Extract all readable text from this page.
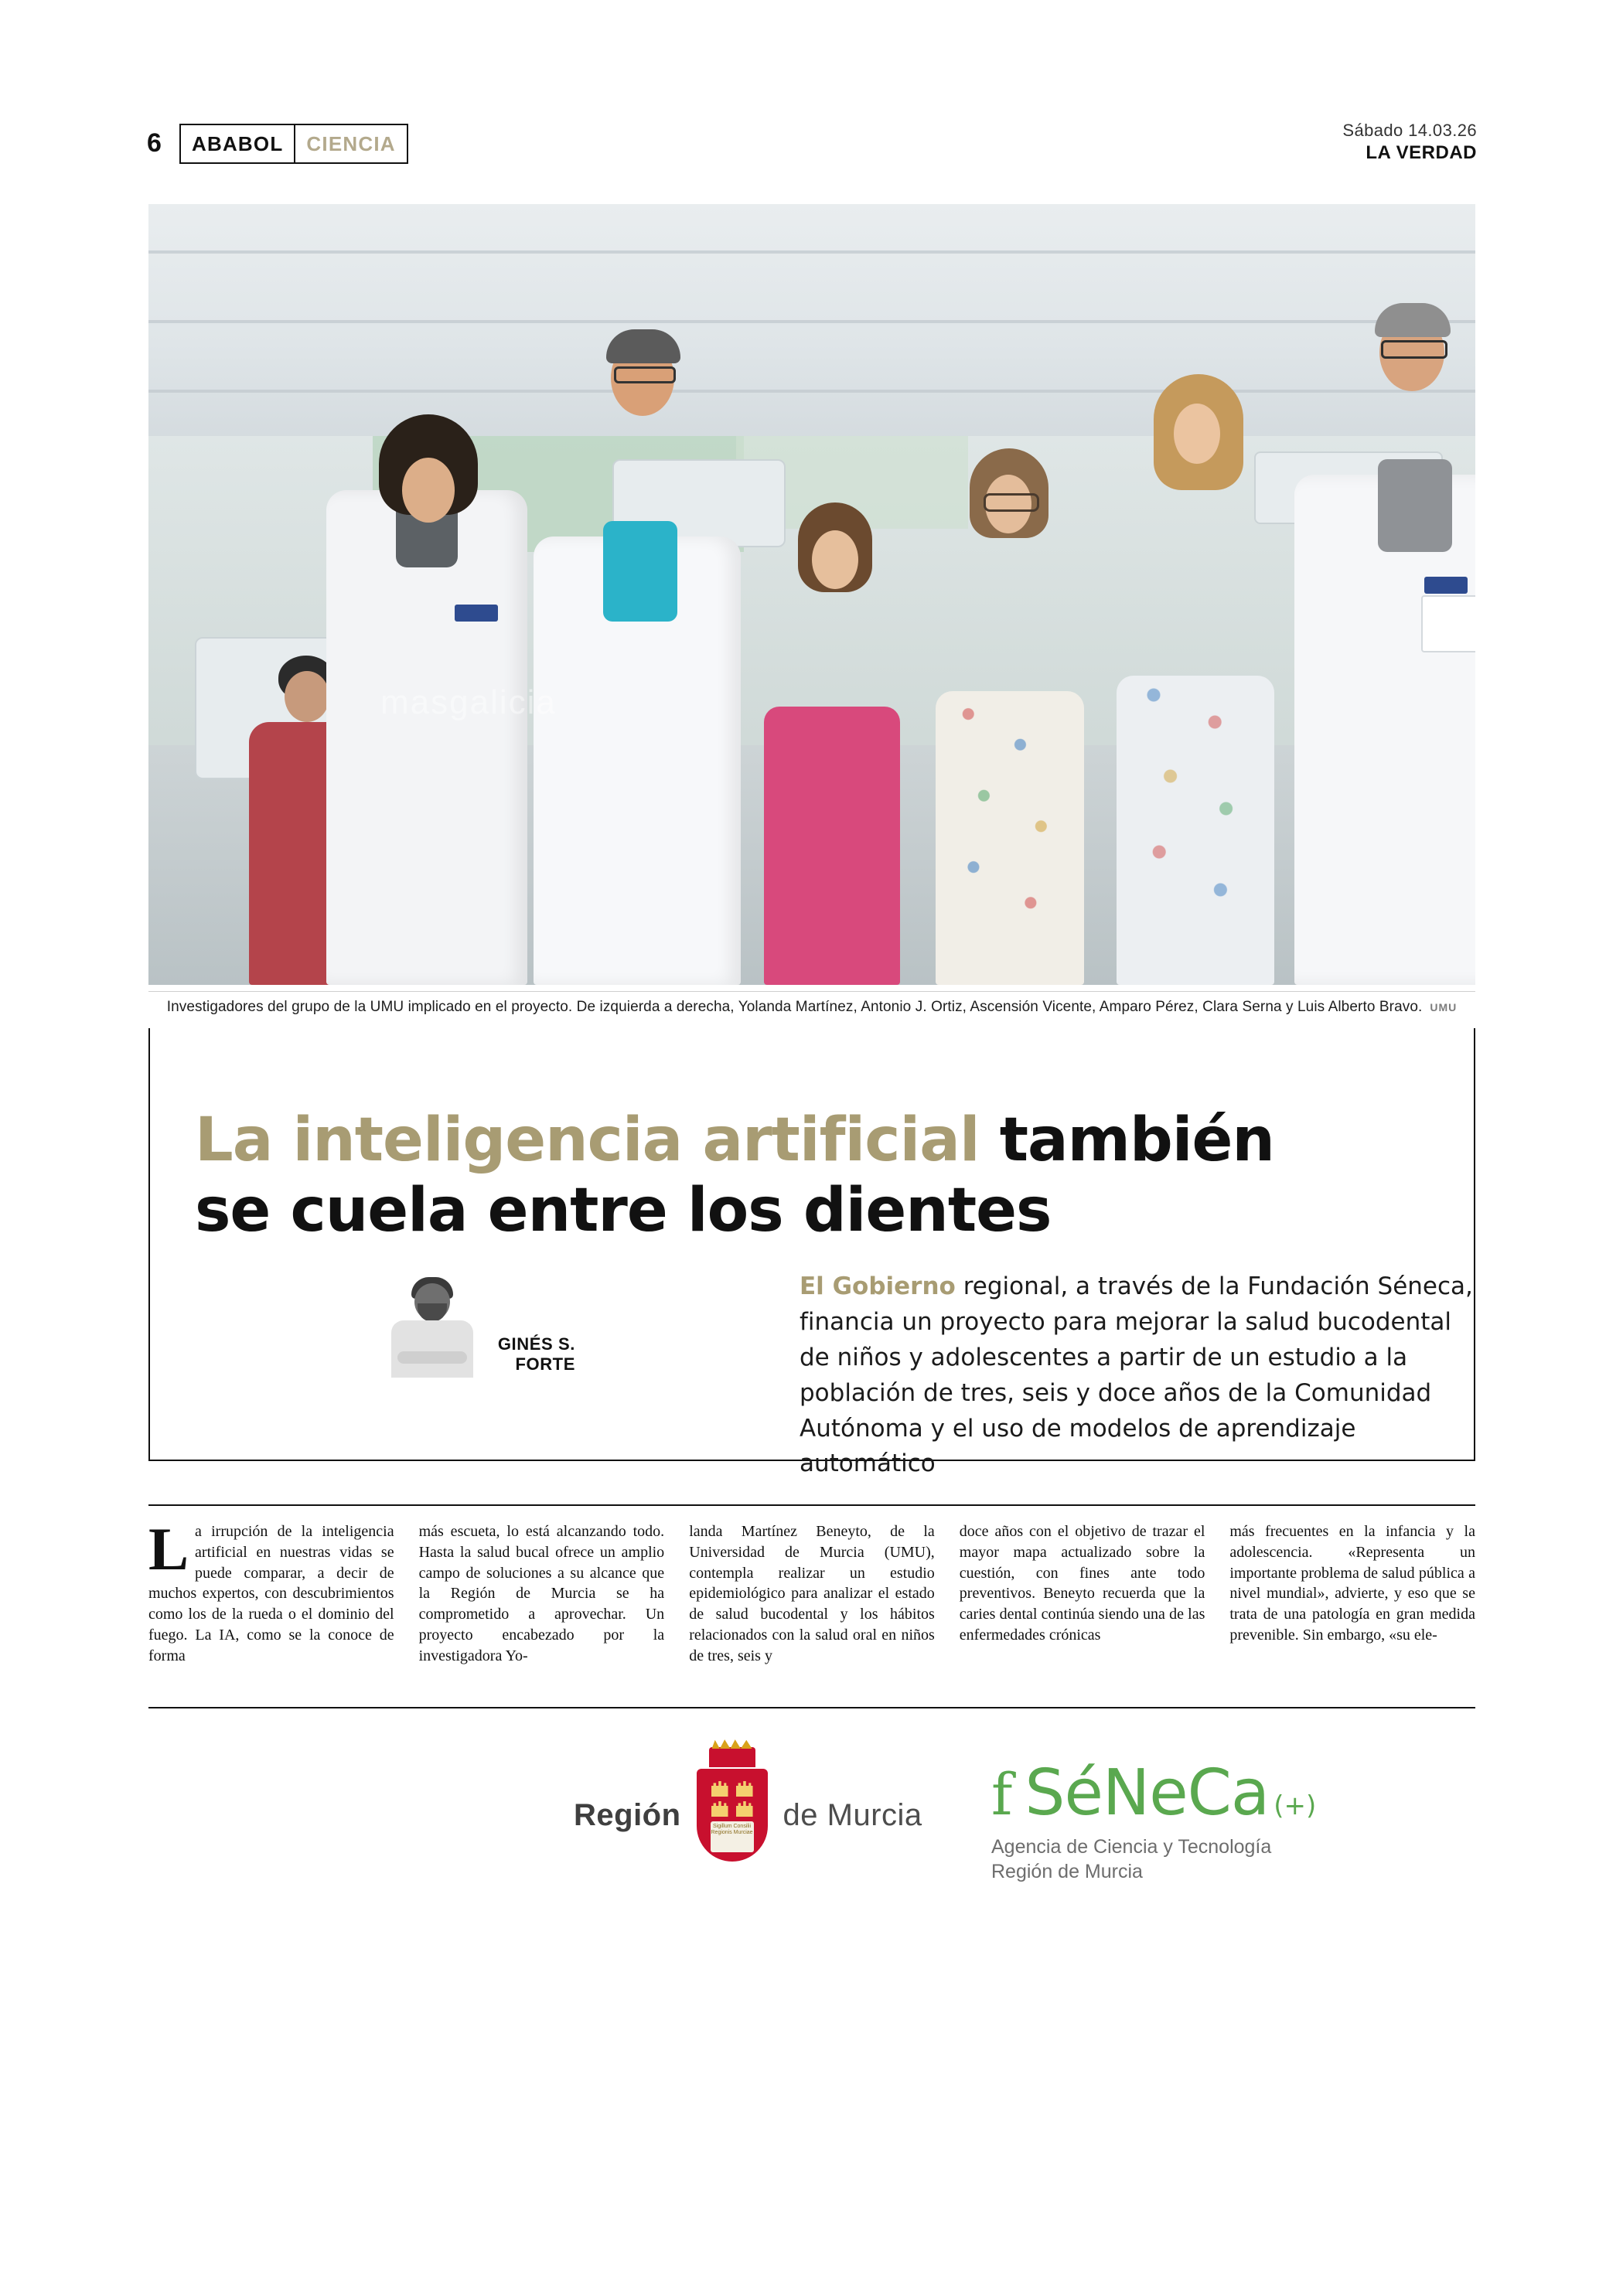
6	ABABOL	CIENCIA
Sábado 14.03.26
LA VERDAD
masgalicia
Investigadores del grupo de la UMU implicado en el proyecto. De izquierda a derecha, Yolanda Martínez, Antonio J. Ortiz, Ascensión Vicente, Amparo Pérez, Clara Serna y Luis Alberto Bravo. UMU
La inteligencia artificial también se cuela entre los dientes
GINÉS S.
FORTE
El Gobierno regional, a través de la Fundación Séneca, financia un proyecto para mejorar la salud bucodental de niños y adolescentes a partir de un estudio a la población de tres, seis y doce años de la Comunidad Autónoma y el uso de modelos de aprendizaje automático
La irrupción de la inteligencia artificial en nuestras vidas se puede comparar, a decir de muchos expertos, con descubrimientos como los de la rueda o el dominio del fuego. La IA, como se la conoce de forma
más escueta, lo está alcanzando todo. Hasta la salud bucal ofrece un amplio campo de soluciones a su alcance que la Región de Murcia se ha comprometido a aprovechar. Un proyecto encabezado por la investigadora Yo-
landa Martínez Beneyto, de la Universidad de Murcia (UMU), contempla realizar un estudio epidemiológico para analizar el estado de salud bucodental y los hábitos relacionados con la salud oral en niños de tres, seis y
doce años con el objetivo de trazar el mayor mapa actualizado sobre la cuestión, con fines ante todo preventivos. Beneyto recuerda que la caries dental continúa siendo una de las enfermedades crónicas
más frecuentes en la infancia y la adolescencia. «Representa un importante problema de salud pública a nivel mundial», advierte, y eso que se trata de una patología en gran medida prevenible. Sin embargo, «su ele-
Región	Sigillum Consilii Regionis Murciae
de Murcia f SéNeCa (+)
Agencia de Ciencia y Tecnología
Región de Murcia
